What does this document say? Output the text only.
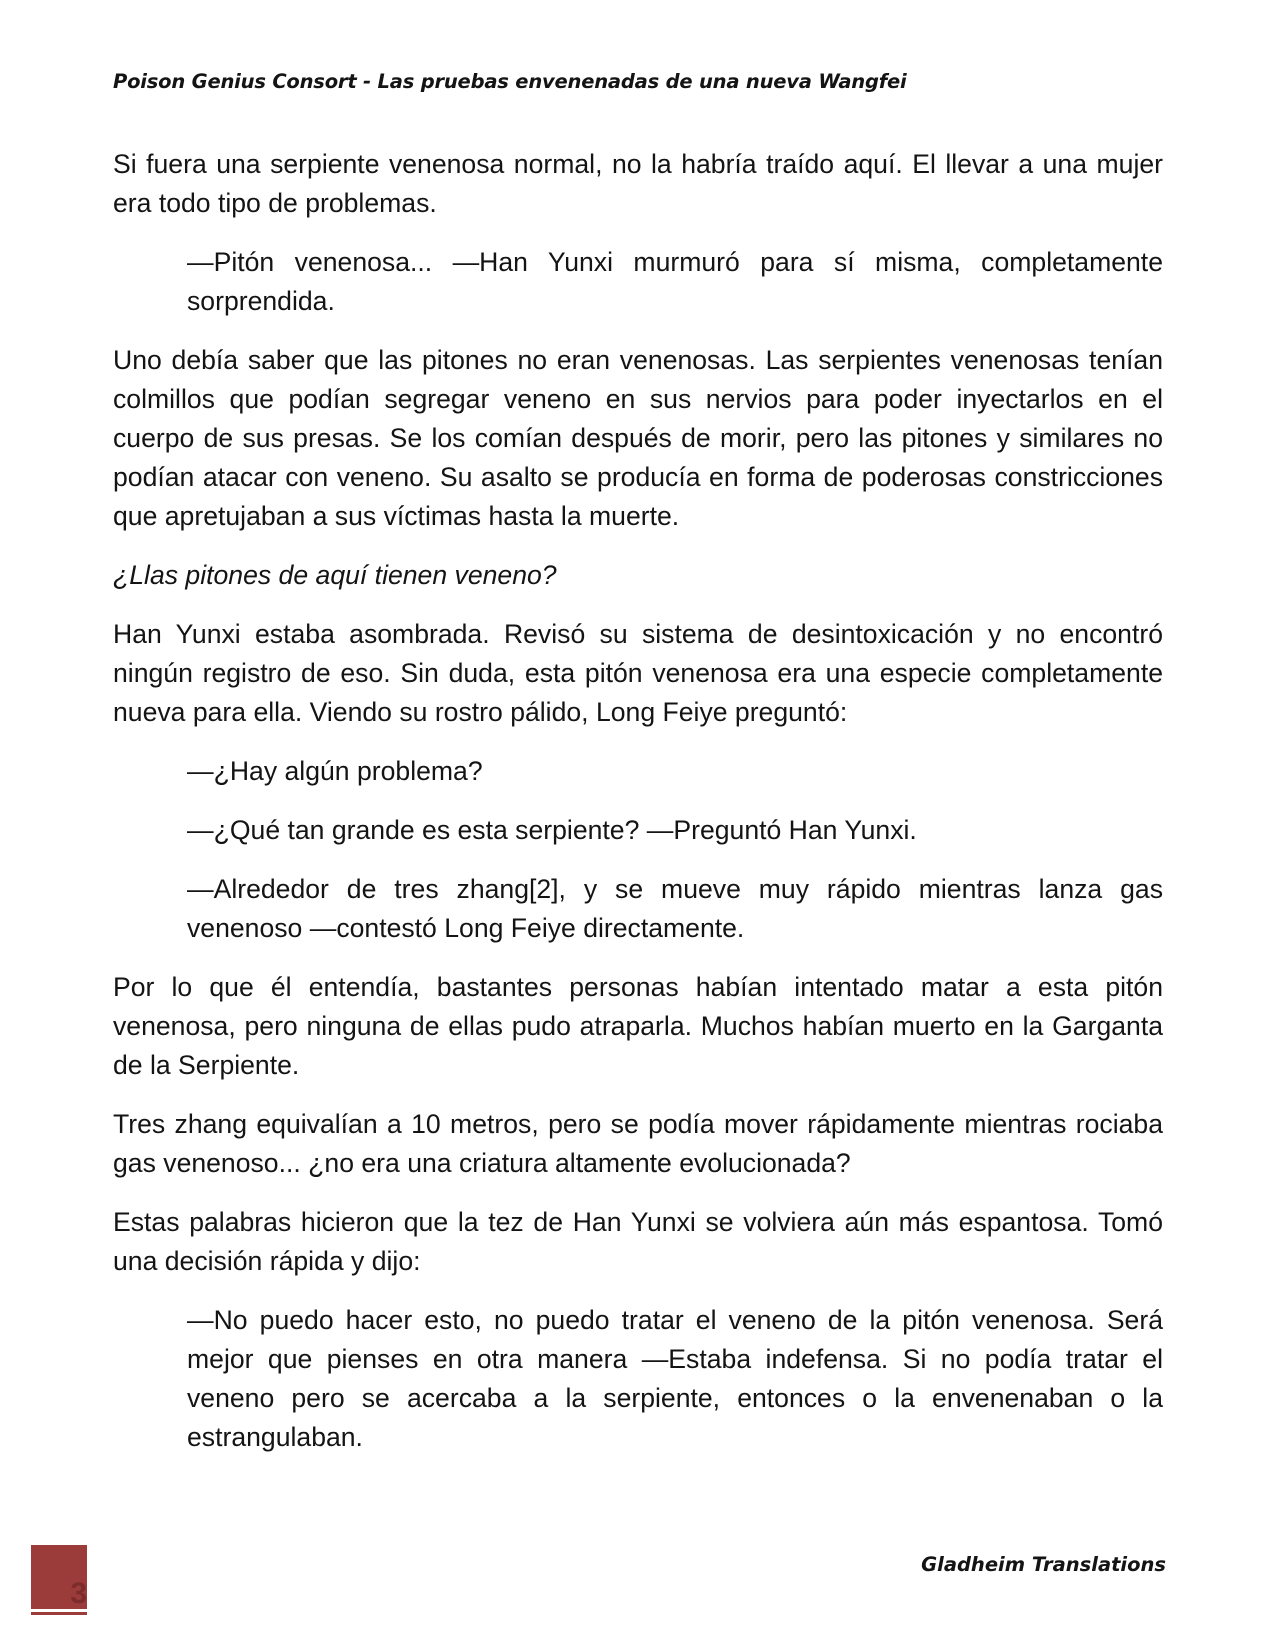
Poison Genius Consort - Las pruebas envenenadas de una nueva Wangfei

Si fuera una serpiente venenosa normal, no la habría traído aquí. El llevar a una mujer era todo tipo de problemas.

—Pitón venenosa... —Han Yunxi murmuró para sí misma, completamente sorprendida.

Uno debía saber que las pitones no eran venenosas. Las serpientes venenosas tenían colmillos que podían segregar veneno en sus nervios para poder inyectarlos en el cuerpo de sus presas. Se los comían después de morir, pero las pitones y similares no podían atacar con veneno. Su asalto se producía en forma de poderosas constricciones que apretujaban a sus víctimas hasta la muerte.

¿Llas pitones de aquí tienen veneno?

Han Yunxi estaba asombrada. Revisó su sistema de desintoxicación y no encontró ningún registro de eso. Sin duda, esta pitón venenosa era una especie completamente nueva para ella. Viendo su rostro pálido, Long Feiye preguntó:

—¿Hay algún problema?

—¿Qué tan grande es esta serpiente? —Preguntó Han Yunxi.

—Alrededor de tres zhang[2], y se mueve muy rápido mientras lanza gas venenoso —contestó Long Feiye directamente.

Por lo que él entendía, bastantes personas habían intentado matar a esta pitón venenosa, pero ninguna de ellas pudo atraparla. Muchos habían muerto en la Garganta de la Serpiente.

Tres zhang equivalían a 10 metros, pero se podía mover rápidamente mientras rociaba gas venenoso... ¿no era una criatura altamente evolucionada?

Estas palabras hicieron que la tez de Han Yunxi se volviera aún más espantosa. Tomó una decisión rápida y dijo:

—No puedo hacer esto, no puedo tratar el veneno de la pitón venenosa. Será mejor que pienses en otra manera —Estaba indefensa. Si no podía tratar el veneno pero se acercaba a la serpiente, entonces o la envenenaban o la estrangulaban.

3
Gladheim Translations
